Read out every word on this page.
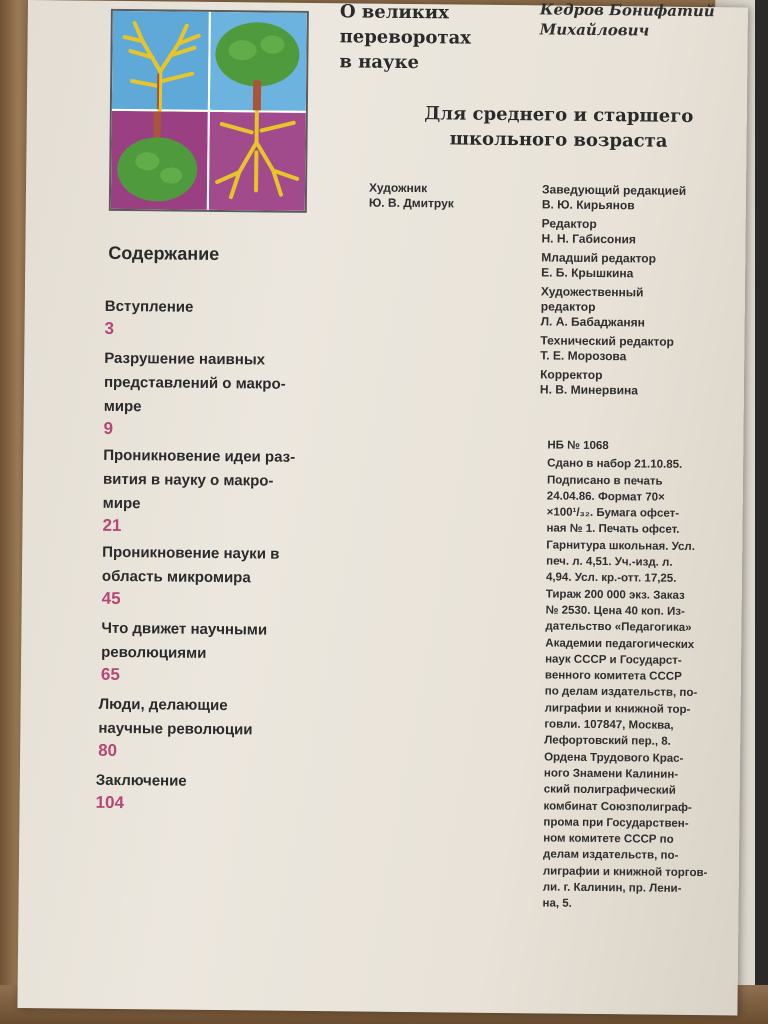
О великих
переворотах
в науке
Кедров Бонифатий
Михайлович
Для среднего и старшего
школьного возраста
Художник
Ю. В. Дмитрук
Заведующий редакцией
В. Ю. Кирьянов
Редактор
Н. Н. Габисония
Младший редактор
Е. Б. Крышкина
Художественный
редактор
Л. А. Бабаджанян
Технический редактор
Т. Е. Морозова
Корректор
Н. В. Минервина
Содержание
Вступление
3
Разрушение наивных
представлений о макро-
мире
9
Проникновение идеи раз-
вития в науку о макро-
мире
21
Проникновение науки в
область микромира
45
Что движет научными
революциями
65
Люди, делающие
научные революции
80
Заключение
104
НБ № 1068
Сдано в набор 21.10.85.
Подписано в печать
24.04.86. Формат 70×
×100¹/₃₂. Бумага офсет-
ная № 1. Печать офсет.
Гарнитура школьная. Усл.
печ. л. 4,51. Уч.-изд. л.
4,94. Усл. кр.-отт. 17,25.
Тираж 200 000 экз. Заказ
№ 2530. Цена 40 коп. Из-
дательство «Педагогика»
Академии педагогических
наук СССР и Государст-
венного комитета СССР
по делам издательств, по-
лиграфии и книжной тор-
говли. 107847, Москва,
Лефортовский пер., 8.
Ордена Трудового Крас-
ного Знамени Калинин-
ский полиграфический
комбинат Союзполиграф-
прома при Государствен-
ном комитете СССР по
делам издательств, по-
лиграфии и книжной торгов-
ли. г. Калинин, пр. Лени-
на, 5.
